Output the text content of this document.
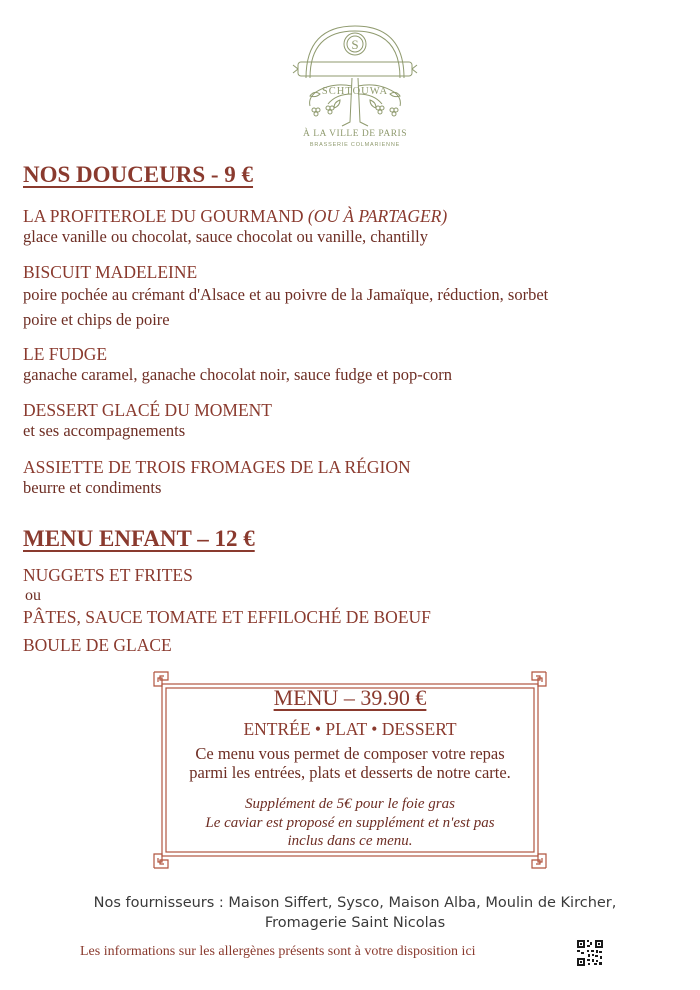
S
SCHTOUWA
À LA VILLE DE PARIS
BRASSERIE COLMARIENNE
NOS DOUCEURS - 9 €
LA PROFITEROLE DU GOURMAND (OU À PARTAGER)
glace vanille ou chocolat, sauce chocolat ou vanille, chantilly
BISCUIT MADELEINE
poire pochée au crémant d'Alsace et au poivre de la Jamaïque, réduction, sorbet poire et chips de poire
LE FUDGE
ganache caramel, ganache chocolat noir, sauce fudge et pop-corn
DESSERT GLACÉ DU MOMENT
et ses accompagnements
ASSIETTE DE TROIS FROMAGES DE LA RÉGION
beurre et condiments
MENU ENFANT – 12 €
NUGGETS ET FRITES
ou
PÂTES, SAUCE TOMATE ET EFFILOCHÉ DE BOEUF
BOULE DE GLACE
MENU – 39.90 €
ENTRÉE • PLAT • DESSERT
Ce menu vous permet de composer votre repas
parmi les entrées, plats et desserts de notre carte.
Supplément de 5€ pour le foie gras
Le caviar est proposé en supplément et n'est pas
inclus dans ce menu.
Nos fournisseurs : Maison Siffert, Sysco, Maison Alba, Moulin de Kircher,
Fromagerie Saint Nicolas
Les informations sur les allergènes présents sont à votre disposition ici
